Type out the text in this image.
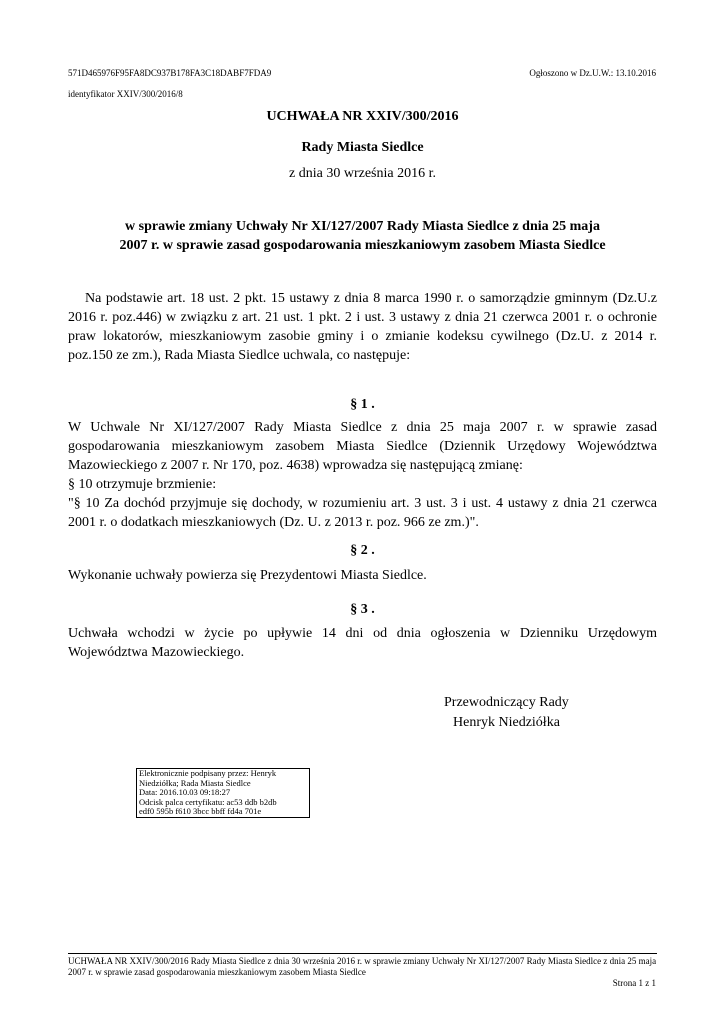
571D465976F95FA8DC937B178FA3C18DABF7FDA9	Ogłoszono w Dz.U.W.: 13.10.2016
identyfikator XXIV/300/2016/8
UCHWAŁA NR XXIV/300/2016
Rady Miasta Siedlce
z dnia 30 września 2016 r.
w sprawie zmiany Uchwały Nr XI/127/2007 Rady Miasta Siedlce z dnia 25 maja
2007 r. w sprawie zasad gospodarowania mieszkaniowym zasobem Miasta Siedlce
Na podstawie art. 18 ust. 2 pkt. 15 ustawy z dnia 8 marca 1990 r. o samorządzie gminnym (Dz.U.z 2016 r. poz.446) w związku z art. 21 ust. 1 pkt. 2 i ust. 3 ustawy z dnia 21 czerwca 2001 r. o ochronie praw lokatorów, mieszkaniowym zasobie gminy i o zmianie kodeksu cywilnego (Dz.U. z 2014 r. poz.150 ze zm.), Rada Miasta Siedlce uchwala, co następuje:
§ 1 .
W Uchwale Nr XI/127/2007 Rady Miasta Siedlce z dnia 25 maja 2007 r. w sprawie zasad gospodarowania mieszkaniowym zasobem Miasta Siedlce (Dziennik Urzędowy Województwa Mazowieckiego z 2007 r. Nr 170, poz. 4638) wprowadza się następującą zmianę:
§ 10 otrzymuje brzmienie:
"§ 10 Za dochód przyjmuje się dochody, w rozumieniu art. 3 ust. 3 i ust. 4 ustawy z dnia 21 czerwca 2001 r. o dodatkach mieszkaniowych (Dz. U. z 2013 r. poz. 966 ze zm.)".
§ 2 .
Wykonanie uchwały powierza się Prezydentowi Miasta Siedlce.
§ 3 .
Uchwała wchodzi w życie po upływie 14 dni od dnia ogłoszenia w Dzienniku Urzędowym Województwa Mazowieckiego.
Przewodniczący Rady
Henryk Niedziółka
Elektronicznie podpisany przez: Henryk
Niedziółka; Rada Miasta Siedlce
Data: 2016.10.03 09:18:27
Odcisk palca certyfikatu: ac53 ddb b2db
edf0 595b f610 3bcc bbff fd4a 701e
UCHWAŁA NR XXIV/300/2016 Rady Miasta Siedlce z dnia 30 września 2016 r. w sprawie zmiany Uchwały Nr XI/127/2007 Rady Miasta Siedlce z dnia 25 maja 2007 r. w sprawie zasad gospodarowania mieszkaniowym zasobem Miasta Siedlce
Strona 1 z 1
